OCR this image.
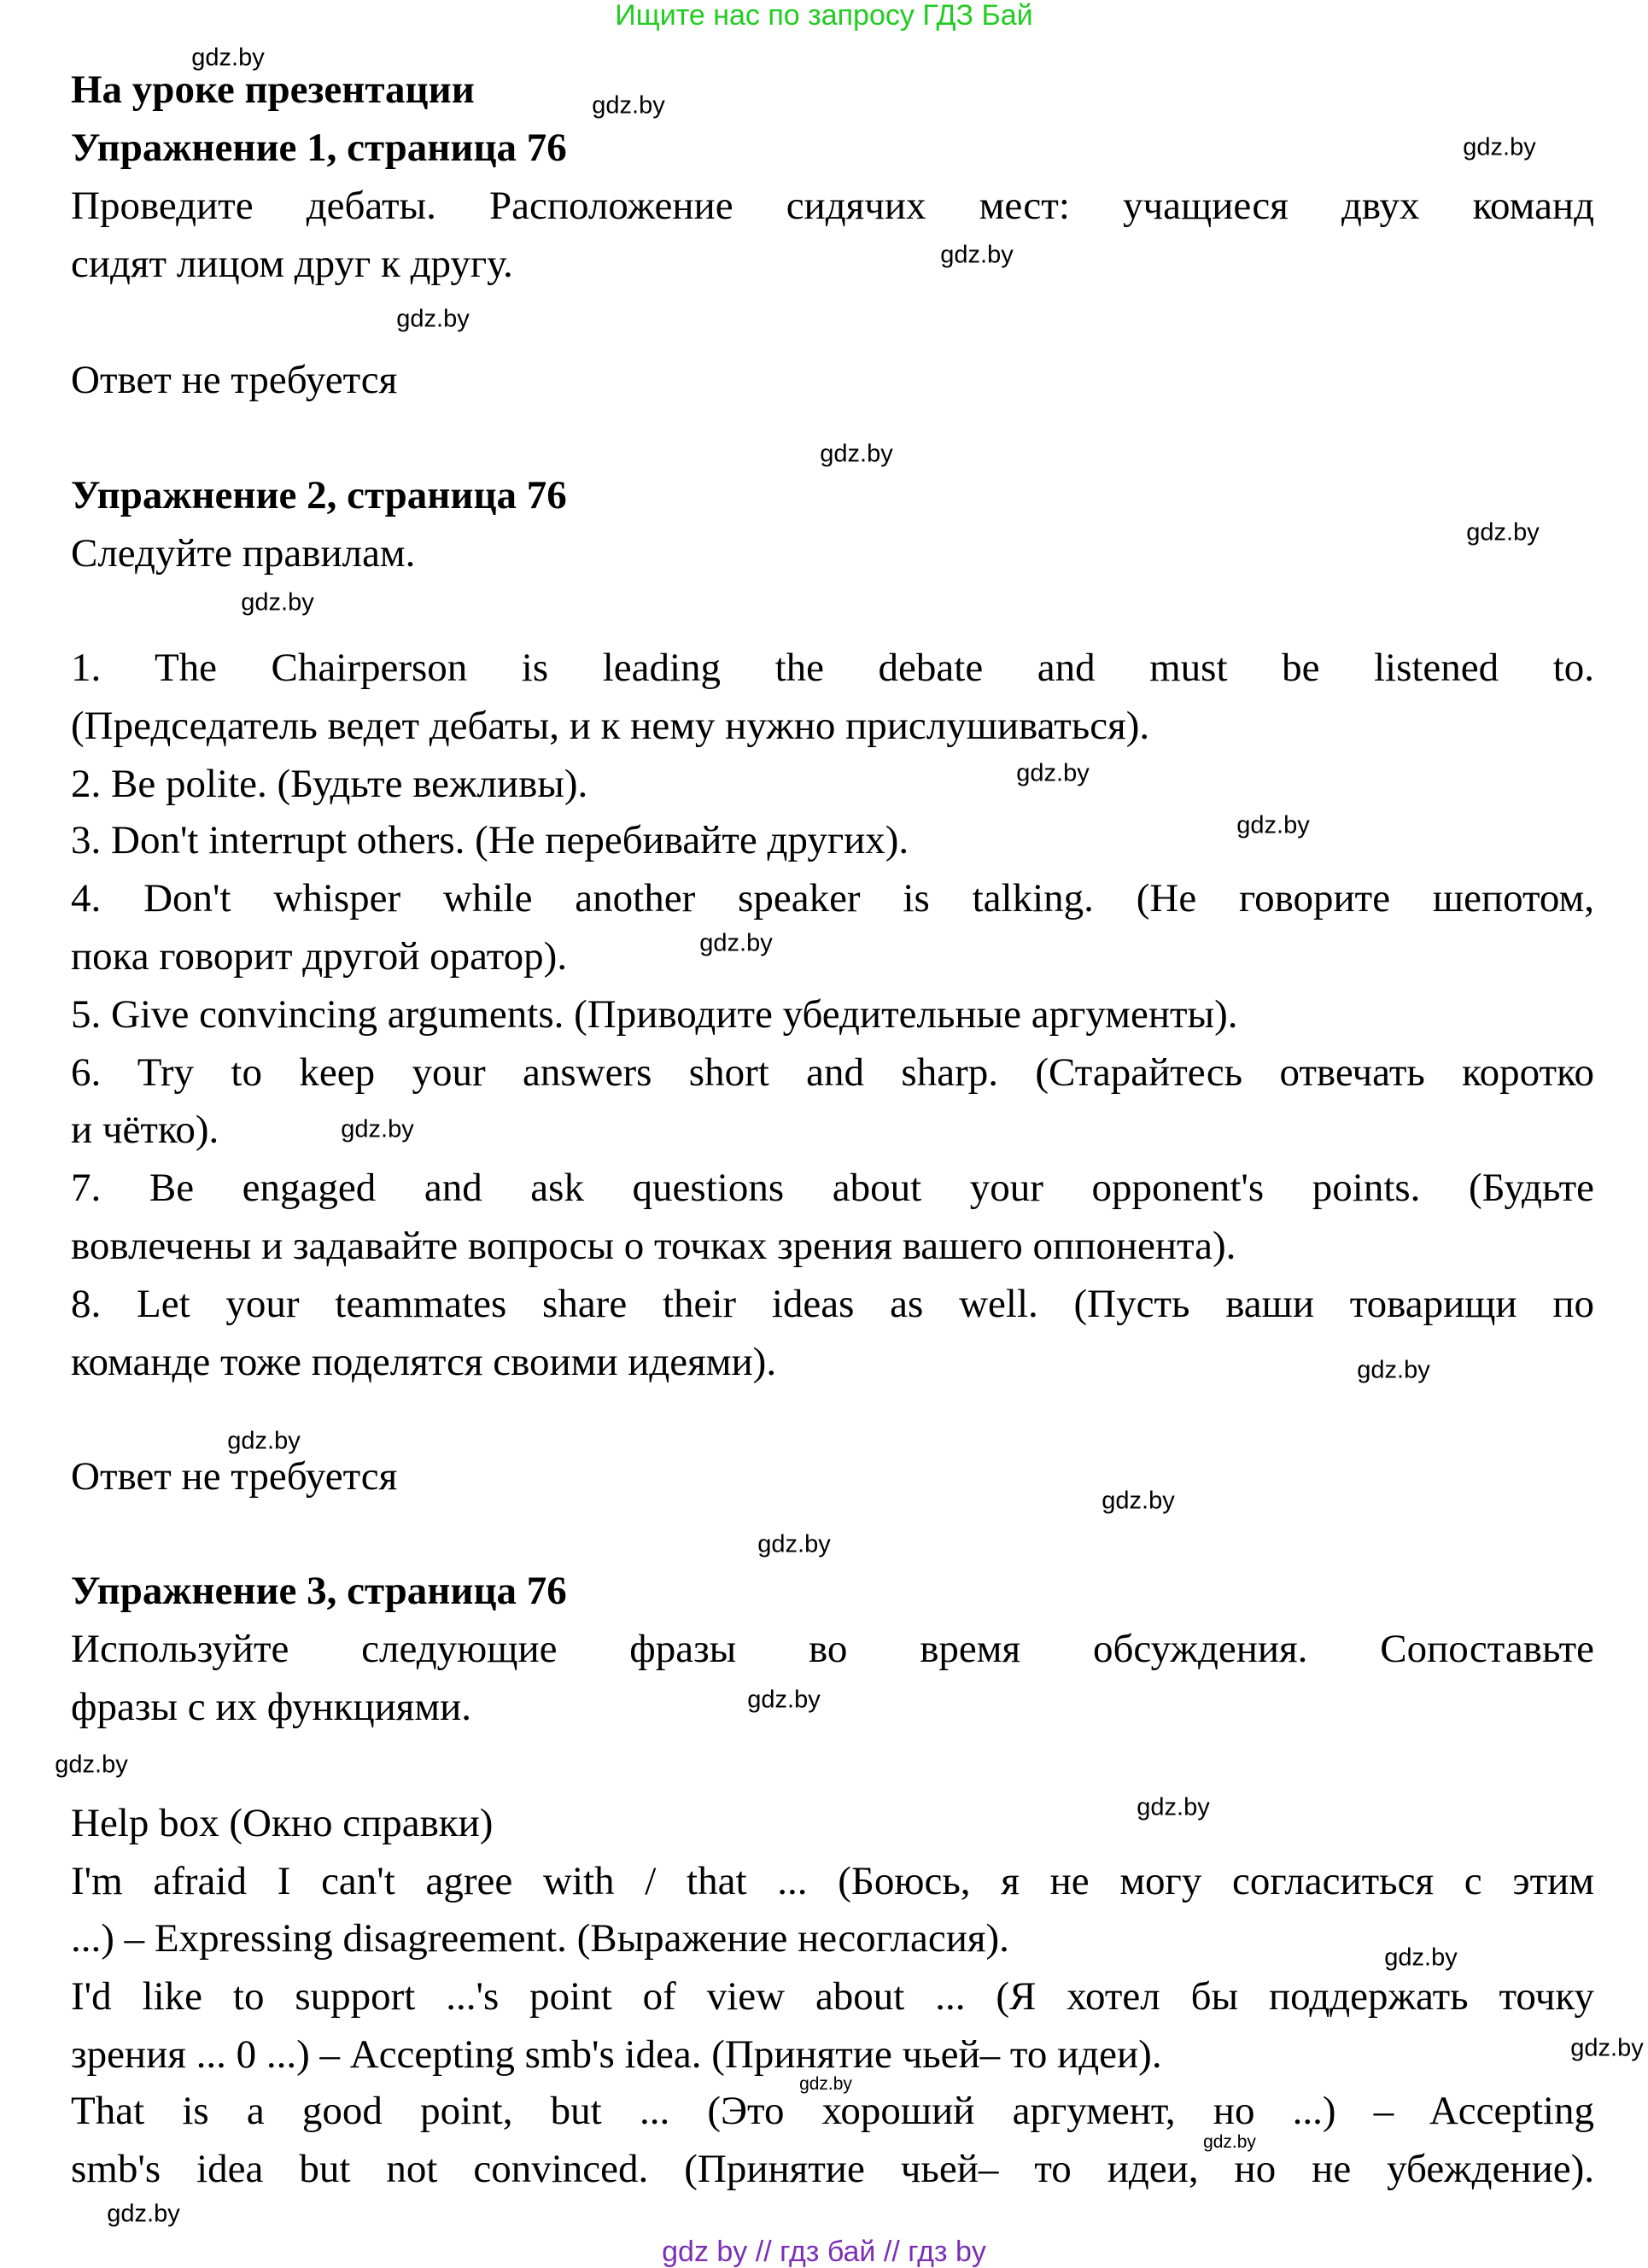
Ищите нас по запросу ГДЗ Бай
На уроке презентации
Упражнение 1, страница 76
Проведите дебаты. Расположение сидячих мест: учащиеся двух команд
сидят лицом друг к другу.
Ответ не требуется
Упражнение 2, страница 76
Следуйте правилам.
1. The Chairperson is leading the debate and must be listened to.
(Председатель ведет дебаты, и к нему нужно прислушиваться).
2. Be polite. (Будьте вежливы).
3. Don't interrupt others. (Не перебивайте других).
4. Don't whisper while another speaker is talking. (Не говорите шепотом,
пока говорит другой оратор).
5. Give convincing arguments. (Приводите убедительные аргументы).
6. Try to keep your answers short and sharp. (Старайтесь отвечать коротко
и чётко).
7. Be engaged and ask questions about your opponent's points. (Будьте
вовлечены и задавайте вопросы о точках зрения вашего оппонента).
8. Let your teammates share their ideas as well. (Пусть ваши товарищи по
команде тоже поделятся своими идеями).
Ответ не требуется
Упражнение 3, страница 76
Используйте следующие фразы во время обсуждения. Сопоставьте
фразы с их функциями.
Help box (Окно справки)
I'm afraid I can't agree with / that ... (Боюсь, я не могу согласиться с этим
...) – Expressing disagreement. (Выражение несогласия).
I'd like to support ...'s point of view about ... (Я хотел бы поддержать точку
зрения ... 0 ...) – Accepting smb's idea. (Принятие чьей– то идеи).
That is a good point, but ... (Это хороший аргумент, но ...) – Accepting
smb's idea but not convinced. (Принятие чьей– то идеи, но не убеждение).
gdz.by
gdz.by
gdz.by
gdz.by
gdz.by
gdz.by
gdz.by
gdz.by
gdz.by
gdz.by
gdz.by
gdz.by
gdz.by
gdz.by
gdz.by
gdz.by
gdz.by
gdz.by
gdz.by
gdz.by
gdz.by
gdz.by
gdz.by
gdz.by
gdz by // гдз бай // гдз by
